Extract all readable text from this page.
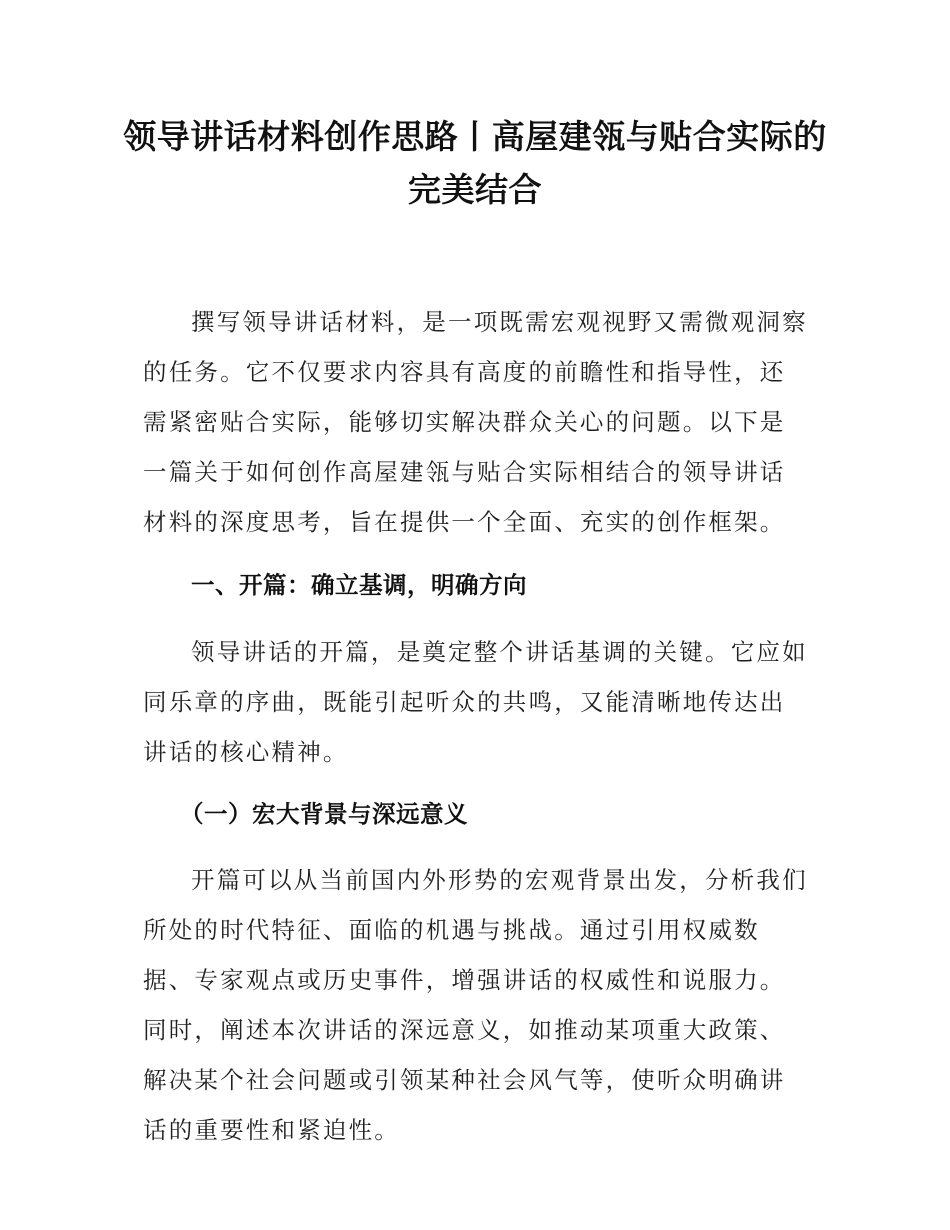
领导讲话材料创作思路丨高屋建瓴与贴合实际的完美结合
撰写领导讲话材料，是一项既需宏观视野又需微观洞察的任务。它不仅要求内容具有高度的前瞻性和指导性，还需紧密贴合实际，能够切实解决群众关心的问题。以下是一篇关于如何创作高屋建瓴与贴合实际相结合的领导讲话材料的深度思考，旨在提供一个全面、充实的创作框架。
一、开篇：确立基调，明确方向
领导讲话的开篇，是奠定整个讲话基调的关键。它应如同乐章的序曲，既能引起听众的共鸣，又能清晰地传达出讲话的核心精神。
（一）宏大背景与深远意义
开篇可以从当前国内外形势的宏观背景出发，分析我们所处的时代特征、面临的机遇与挑战。通过引用权威数据、专家观点或历史事件，增强讲话的权威性和说服力。同时，阐述本次讲话的深远意义，如推动某项重大政策、解决某个社会问题或引领某种社会风气等，使听众明确讲话的重要性和紧迫性。
